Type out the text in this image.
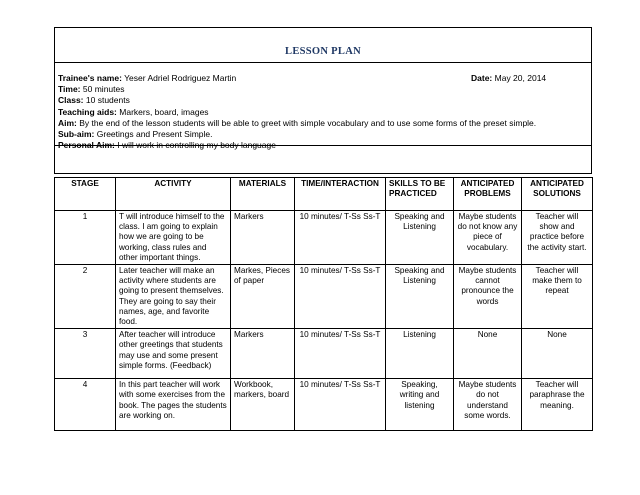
LESSON PLAN
Trainee's name: Yeser Adriel Rodriguez Martin
Time: 50 minutes
Class: 10 students
Teaching aids: Markers, board, images
Aim: By the end of the lesson students will be able to greet with simple vocabulary and to use some forms of the preset simple.
Sub-aim: Greetings and Present Simple.
Personal Aim: I will work in controlling my body language
Date: May 20, 2014
STAGE	ACTIVITY	MATERIALS	TIME/INTERACTION	SKILLS TO BE PRACTICED	ANTICIPATED PROBLEMS	ANTICIPATED SOLUTIONS
1	T will introduce himself to the class. I am going to explain how we are going to be working, class rules and other important things.	Markers	10 minutes/ T-Ss Ss-T	Speaking and Listening	Maybe students do not know any piece of vocabulary.	Teacher will show and practice before the activity start.
2	Later teacher will make an activity where students are going to present themselves. They are going to say their names, age, and favorite food.	Markes, Pieces of paper	10 minutes/ T-Ss Ss-T	Speaking and Listening	Maybe students cannot pronounce the words	Teacher will make them to repeat
3	After teacher will introduce other greetings that students may use and some present simple forms. (Feedback)	Markers	10 minutes/ T-Ss Ss-T	Listening	None	None
4	In this part teacher will work with some exercises from the book. The pages the students are working on.	Workbook, markers, board	10 minutes/ T-Ss Ss-T	Speaking, writing and listening	Maybe students do not understand some words.	Teacher will paraphrase the meaning.
